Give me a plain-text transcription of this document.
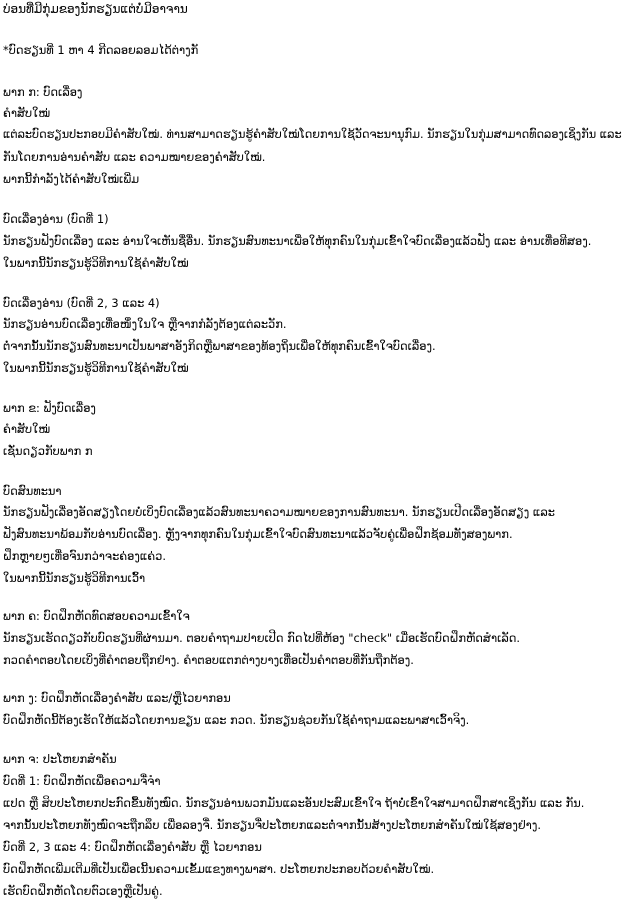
ບ່ອນທີ່ມີກຸ່ມຂອງນັກຮຽນແຕ່ບໍ່ມີອາຈານ
*ບົດຮຽນທີ່ 1 ຫາ 4 ກີດລອຍລອມໄດ້ຕ່າງກັ
ພາກ ກ: ບົດເລື່ອງ
ຄຳສັບໃໝ່
ແຕ່ລະບົດຮຽນປະກອບມີຄຳສັບໃໝ່. ທ່ານສາມາດຮຽນຮູ້ຄຳສັບໃໝ່ໂດຍການໃຊ້ວັດຈະນານຸກົມ. ນັກຮຽນໃນກຸ່ມສາມາດທົດລອງເຊິ່ງກັນ ແລະ
ກັນໂດຍການອ່ານຄຳສັບ ແລະ ຄວາມໝາຍຂອງຄຳສັບໃໝ່.
ພາກນີ້ກຳລັງໄດ້ຄຳສັບໃໝ່ເພີ່ມ
ບົດເລື່ອງອ່ານ (ບົດທີ່ 1)
ນັກຮຽນຟັງບົດເລື່ອງ ແລະ ອ່ານໃຈເຫັນຊື່ອື່ນ. ນັກຮຽນສົນທະນາເພື່ອໃຫ້ທຸກຄົນໃນກຸ່ມເຂົ້າໃຈບົດເລື່ອງແລ້ວຟັງ ແລະ ອ່ານເທື່ອທີສອງ.
ໃນພາກນີ້ນັກຮຽນຮູ້ວິທີການໃຊ້ຄຳສັບໃໝ່
ບົດເລື່ອງອ່ານ (ບົດທີ່ 2, 3 ແລະ 4)
ນັກຮຽນອ່ານບົດເລື່ອງເທື່ອໜຶ່ງໃນໃຈ ຫຼືຈາກກໍລັງຕ້ອງແຕ່ລະວັກ.
ຕໍ່ຈາກນັ້ນນັກຮຽນສົນທະນາເປັນພາສາອັງກິດຫຼືພາສາຂອງທ້ອງຖິ່ນເພື່ອໃຫ້ທຸກຄົນເຂົ້າໃຈບົດເລື່ອງ.
ໃນພາກນີ້ນັກຮຽນຮູ້ວິທີການໃຊ້ຄຳສັບໃໝ່
ພາກ ຂ: ຟັງບົດເລື່ອງ
ຄຳສັບໃໝ່
ເຊັ່ນດຽວກັບພາກ ກ
ບົດສົນທະນາ
ນັກຮຽນຟັງເລື່ອງອັດສຽງໂດຍບໍ່ເບິ່ງບົດເລື່ອງແລ້ວສົນທະນາຄວາມໝາຍຂອງການສົນທະນາ. ນັກຮຽນເປີດເລື່ອງອັດສຽງ ແລະ
ຟັງສົນທະນາພ້ອມກັບອ່ານບົດເລື່ອງ. ຫຼັງຈາກທຸກຄົນໃນກຸ່ມເຂົ້າໃຈບົດສົນທະນາແລ້ວຈັບຄູ່ເພື່ອຝຶກຊ້ອມທັງສອງພາກ.
ຝຶກຫຼາຍໆເທື່ອຈົນກວ່າຈະຄ່ອງແຄ່ວ.
ໃນພາກນີ້ນັກຮຽນຮູ້ວິທີການເວົ້າ
ພາກ ຄ: ບົດຝຶກຫັດທົດສອບຄວາມເຂົ້າໃຈ
ນັກຮຽນເຮັດດຽວກັບບົດຮຽນທີ່ຜ່ານມາ. ຕອບຄຳຖາມປາຍເປີດ ກົດໄປທີ່ຫ້ອງ "check" ເມື່ອເຮັດບົດຝຶກຫັດສຳເລັດ.
ກວດຄຳຕອບໂດຍເບິ່ງທີ່ຄຳຕອບຖືກຢ່າງ. ຄຳຕອບແຕກຕ່າງບາງເທື່ອເປັນຄຳຕອບທີ່ກັນຖືກຕ້ອງ.
ພາກ ງ: ບົດຝຶກຫັດເລື່ອງຄຳສັບ ແລະ/ຫຼືໄວຍາກອນ
ບົດຝຶກຫັດນີ້ຕ້ອງເຮັດໃຫ້ແລ້ວໂດຍການຂຽນ ແລະ ກວດ. ນັກຮຽນຊ່ວຍກັນໃຊ້ຄຳຖາມແລະພາສາເວົ້າຈິງ.
ພາກ ຈ: ປະໂຫຍກສຳຄັນ
ບົດທີ່ 1: ບົດຝຶກຫັດເພື່ອຄວາມຈື່ຈຳ
ແປດ ຫຼື ສິບປະໂຫຍກປະກົດຂື້ນທັງໝົດ. ນັກຮຽນອ່ານພວກມັນແລະອັນປະສົມເຂົ້າໃຈ ຖ້າບໍ່ເຂົ້າໃຈສາມາດຝຶກສາເຊິ່ງກັນ ແລະ ກັນ.
ຈາກນັ້ນປະໂຫຍກທັງໝົດຈະຖືກລຶບ ເພື່ອລອງຈື່. ນັກຮຽນຈື່ປະໂຫຍກແລະຕໍ່ຈາກນັ້ນສ້າງປະໂຫຍກສຳຄັນໃໝ່ໃຊ້ສອງຢ່າງ.
ບົດທີ່ 2, 3 ແລະ 4: ບົດຝຶກຫັດເລື່ອງຄຳສັບ ຫຼື ໄວຍາກອນ
ບົດຝຶກຫັດເພີ່ມເຕີມທີ່ເປັນເພື່ອເນີ້ນຄວາມເຂັ້ມແຂງທາງພາສາ. ປະໂຫຍກປະກອບດ້ວຍຄຳສັບໃໝ່.
ເຮັດບົດຝຶກຫັດໂດຍຕົວເອງຫຼືເປັນຄູ່.
